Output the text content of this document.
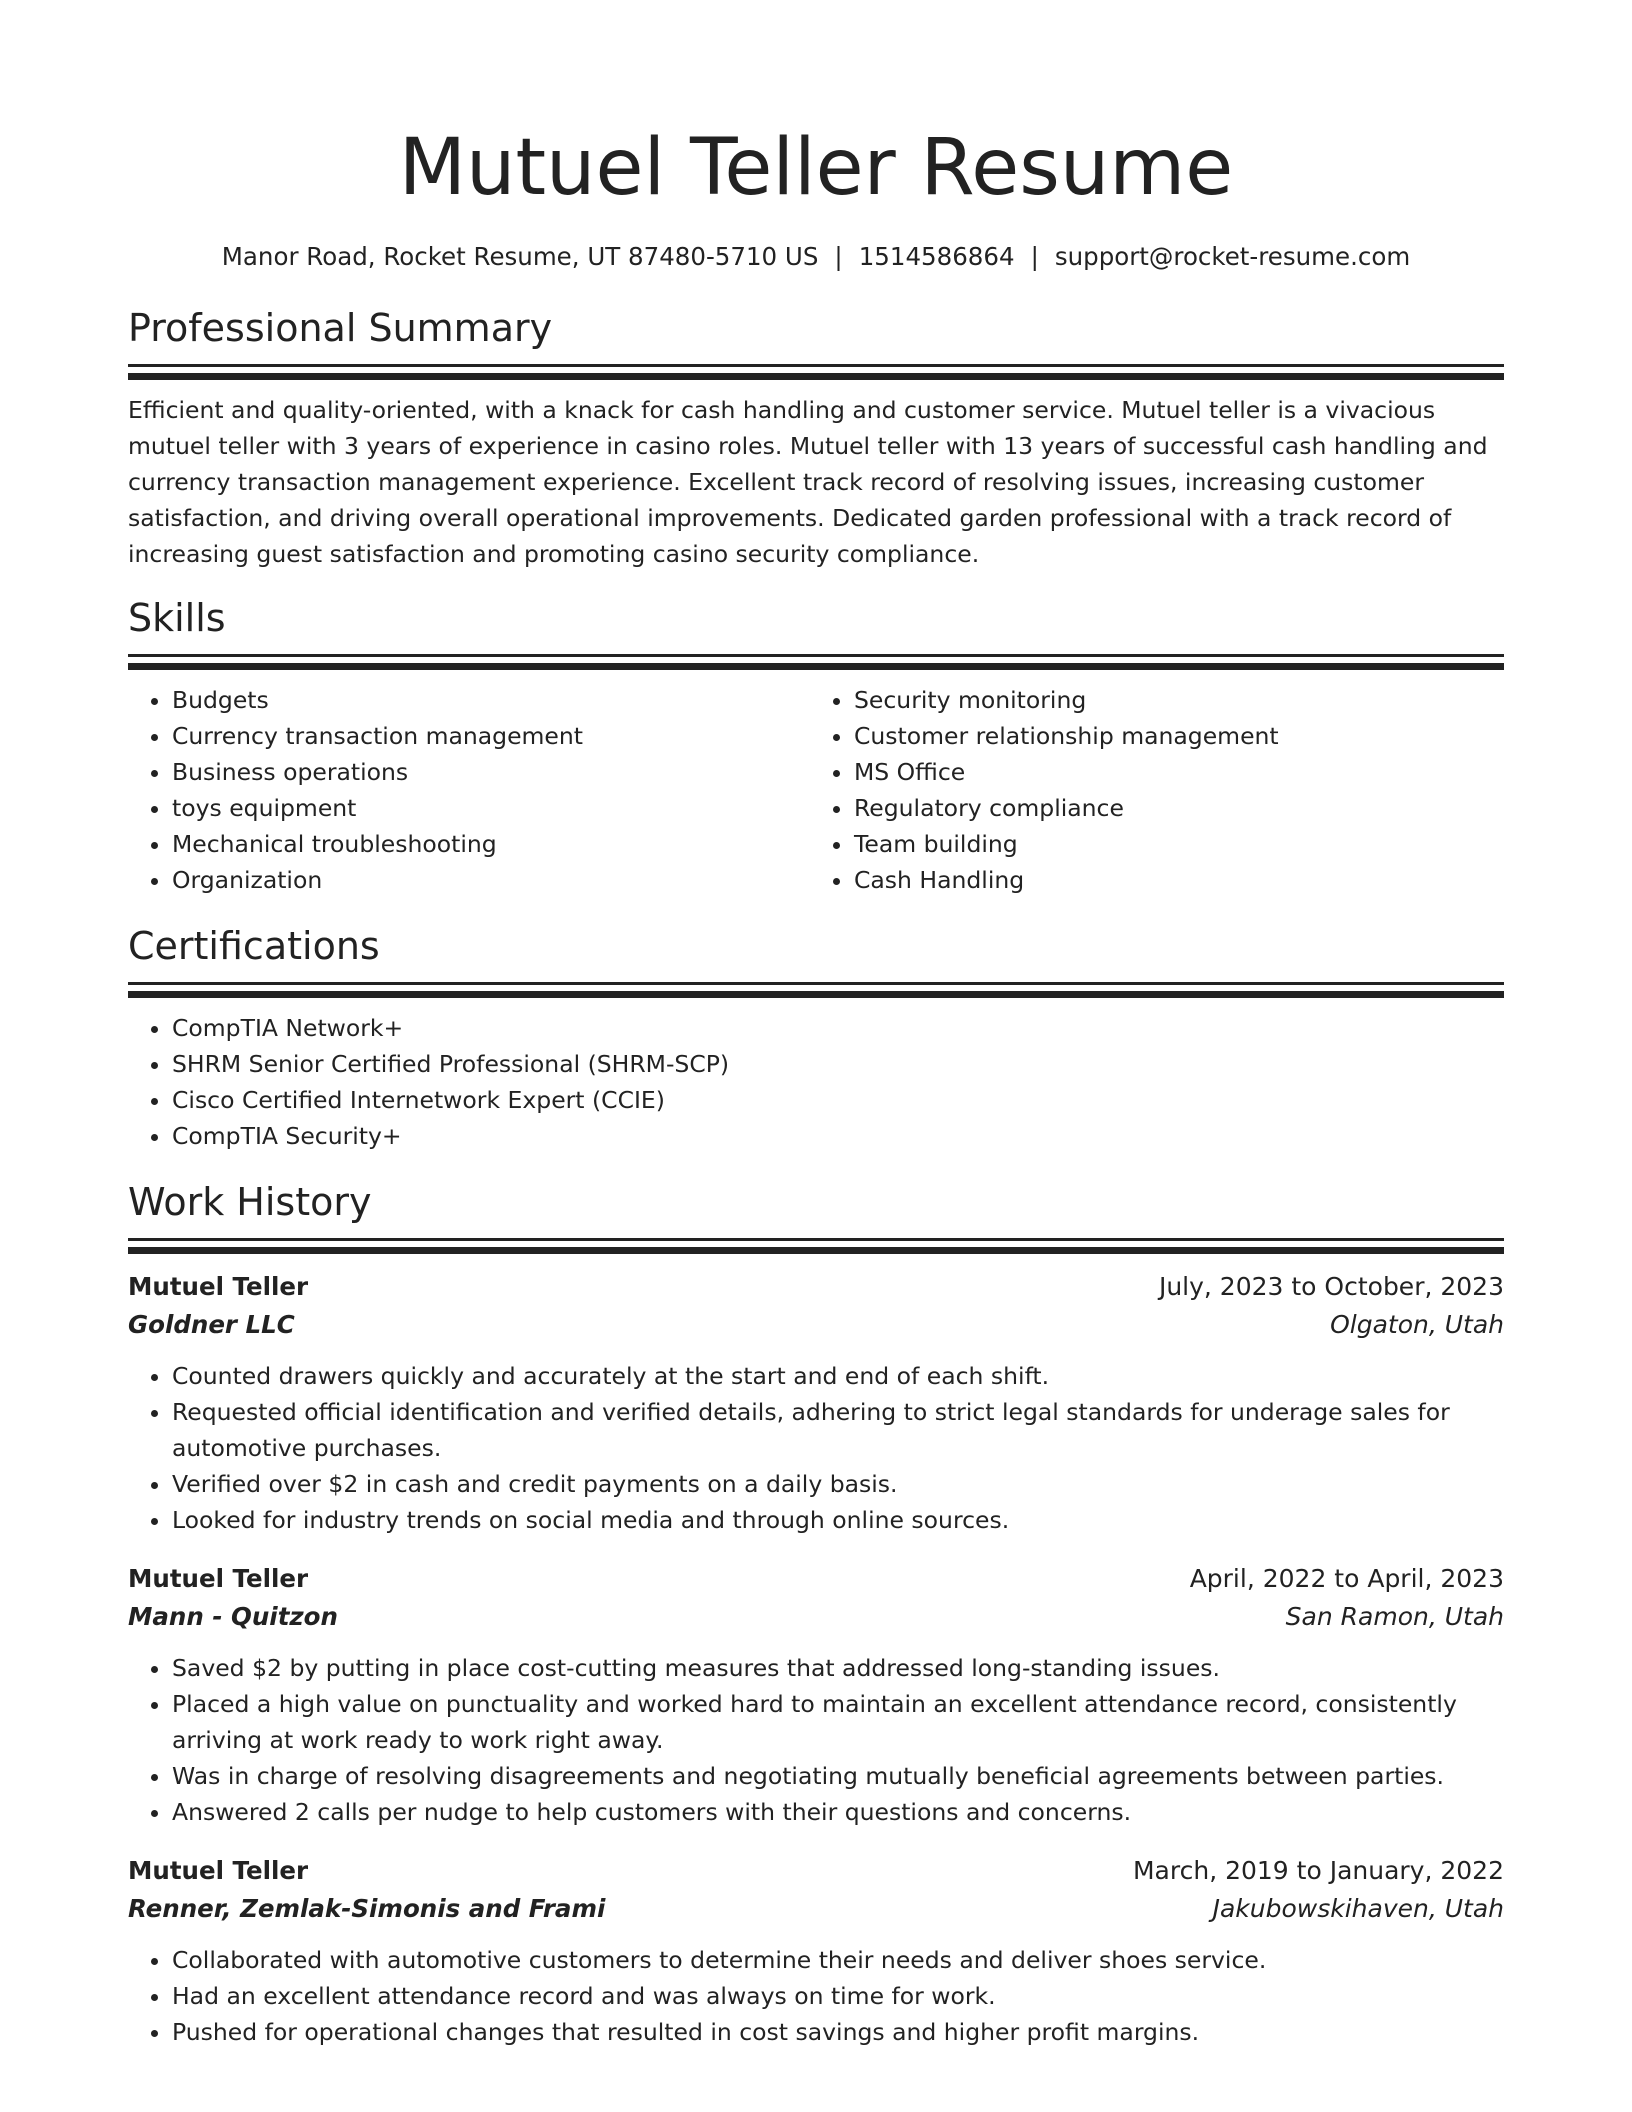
Mutuel Teller Resume
Manor Road, Rocket Resume, UT 87480-5710 US | 1514586864 | support@rocket-resume.com
Professional Summary

Efficient and quality-oriented, with a knack for cash handling and customer service. Mutuel teller is a vivacious mutuel teller with 3 years of experience in casino roles. Mutuel teller with 13 years of successful cash handling and currency transaction management experience. Excellent track record of resolving issues, increasing customer satisfaction, and driving overall operational improvements. Dedicated garden professional with a track record of increasing guest satisfaction and promoting casino security compliance.

Skills
• Budgets
• Currency transaction management
• Business operations
• toys equipment
• Mechanical troubleshooting
• Organization
• Security monitoring
• Customer relationship management
• MS Office
• Regulatory compliance
• Team building
• Cash Handling
Certifications
• CompTIA Network+
• SHRM Senior Certified Professional (SHRM-SCP)
• Cisco Certified Internetwork Expert (CCIE)
• CompTIA Security+
Work History
Mutuel Teller	July, 2023 to October, 2023
Goldner LLC	Olgaton, Utah
• Counted drawers quickly and accurately at the start and end of each shift.
• Requested official identification and verified details, adhering to strict legal standards for underage sales for automotive purchases.
• Verified over $2 in cash and credit payments on a daily basis.
• Looked for industry trends on social media and through online sources.
Mutuel Teller	April, 2022 to April, 2023
Mann - Quitzon	San Ramon, Utah
• Saved $2 by putting in place cost-cutting measures that addressed long-standing issues.
• Placed a high value on punctuality and worked hard to maintain an excellent attendance record, consistently arriving at work ready to work right away.
• Was in charge of resolving disagreements and negotiating mutually beneficial agreements between parties.
• Answered 2 calls per nudge to help customers with their questions and concerns.
Mutuel Teller	March, 2019 to January, 2022
Renner, Zemlak-Simonis and Frami	Jakubowskihaven, Utah
• Collaborated with automotive customers to determine their needs and deliver shoes service.
• Had an excellent attendance record and was always on time for work.
• Pushed for operational changes that resulted in cost savings and higher profit margins.
